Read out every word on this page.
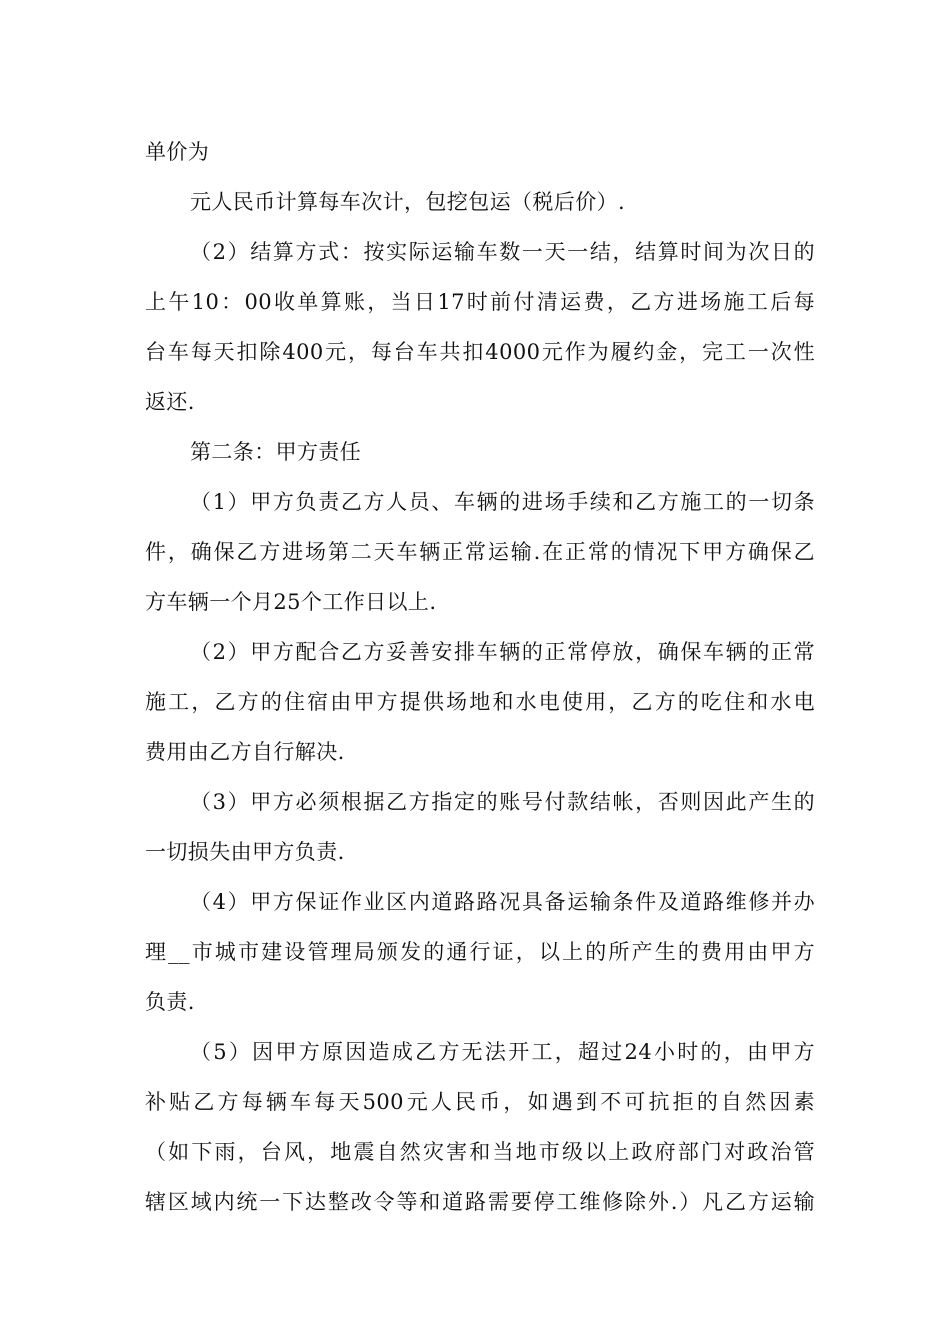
单价为
元人民币计算每车次计，包挖包运（税后价）.
（2）结算方式：按实际运输车数一天一结，结算时间为次日的
上午10：00收单算账，当日17时前付清运费，乙方进场施工后每
台车每天扣除400元，每台车共扣4000元作为履约金，完工一次性
返还.
第二条：甲方责任
（1）甲方负责乙方人员、车辆的进场手续和乙方施工的一切条
件，确保乙方进场第二天车辆正常运输.在正常的情况下甲方确保乙
方车辆一个月25个工作日以上.
（2）甲方配合乙方妥善安排车辆的正常停放，确保车辆的正常
施工，乙方的住宿由甲方提供场地和水电使用，乙方的吃住和水电
费用由乙方自行解决.
（3）甲方必须根据乙方指定的账号付款结帐，否则因此产生的
一切损失由甲方负责.
（4）甲方保证作业区内道路路况具备运输条件及道路维修并办
理__市城市建设管理局颁发的通行证，以上的所产生的费用由甲方
负责.
（5）因甲方原因造成乙方无法开工，超过24小时的，由甲方
补贴乙方每辆车每天500元人民币，如遇到不可抗拒的自然因素
（如下雨，台风，地震自然灾害和当地市级以上政府部门对政治管
辖区域内统一下达整改令等和道路需要停工维修除外.）凡乙方运输
